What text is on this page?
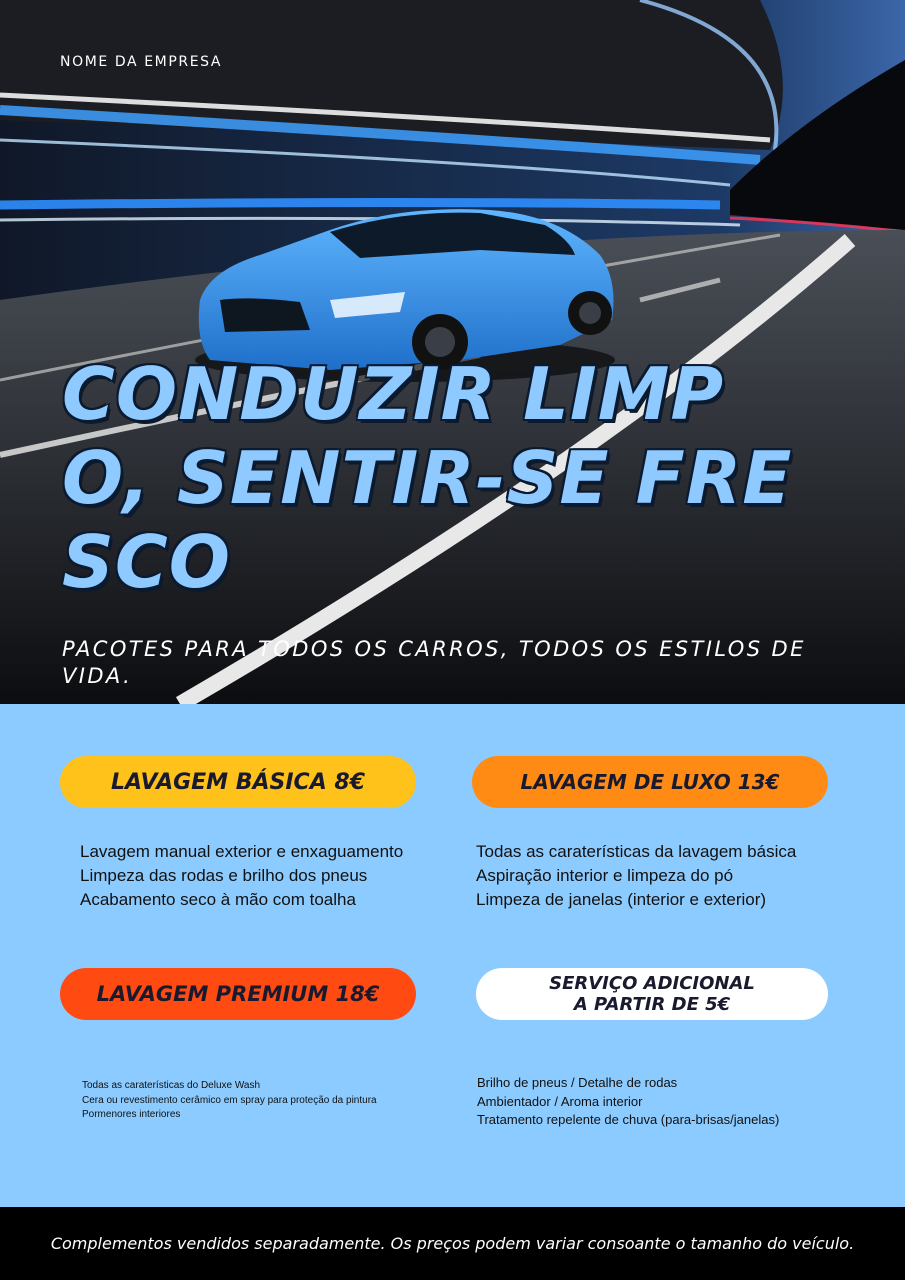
NOME DA EMPRESA
CONDUZIR LIMPO, SENTIR-SE FRESCO
PACOTES PARA TODOS OS CARROS, TODOS OS ESTILOS DE VIDA.
LAVAGEM BÁSICA 8€	LAVAGEM DE LUXO 13€
LAVAGEM PREMIUM 18€	SERVIÇO ADICIONAL
A PARTIR DE 5€
Lavagem manual exterior e enxaguamento
Limpeza das rodas e brilho dos pneus
Acabamento seco à mão com toalha
Todas as caraterísticas da lavagem básica
Aspiração interior e limpeza do pó
Limpeza de janelas (interior e exterior)
Todas as caraterísticas do Deluxe Wash
Cera ou revestimento cerâmico em spray para proteção da pintura
Pormenores interiores
Brilho de pneus / Detalhe de rodas
Ambientador / Aroma interior
Tratamento repelente de chuva (para-brisas/janelas)
Complementos vendidos separadamente. Os preços podem variar consoante o tamanho do veículo.
